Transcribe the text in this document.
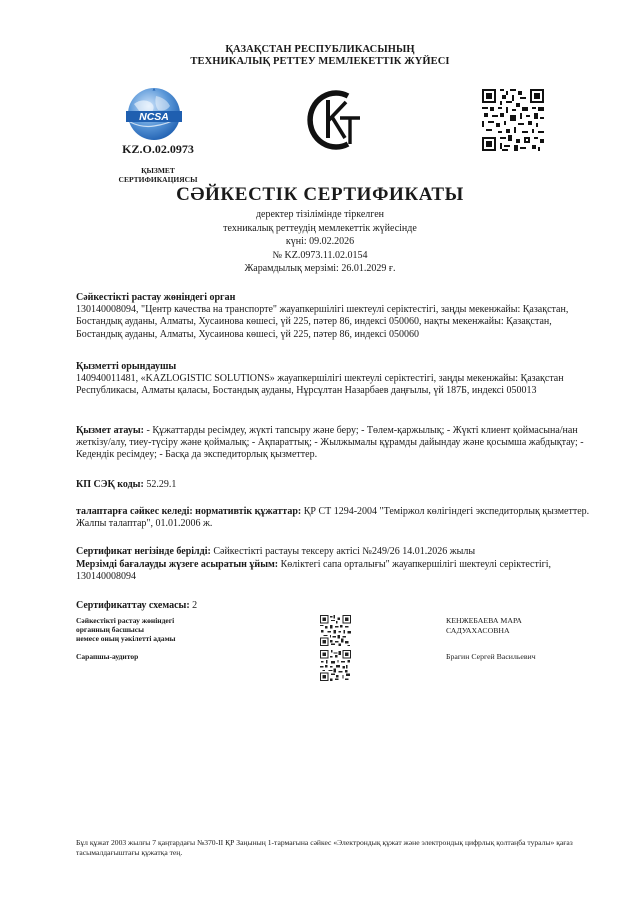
ҚАЗАҚСТАН РЕСПУБЛИКАСЫНЫҢ
ТЕХНИКАЛЫҚ РЕТТЕУ МЕМЛЕКЕТТІК ЖҮЙЕСІ
NCSA
KZ.O.02.0973
ҚЫЗМЕТ
СЕРТИФИКАЦИЯСЫ
СӘЙКЕСТІК СЕРТИФИКАТЫ
деректер тізілімінде тіркелген
техникалық реттеудің мемлекеттік жүйесінде
күні: 09.02.2026
№ KZ.0973.11.02.0154
Жарамдылық мерзімі: 26.01.2029 ғ.
Сәйкестікті растау жөніндегі орган
130140008094, "Центр качества на транспорте" жауапкершілігі шектеулі серіктестігі, заңды мекенжайы: Қазақстан, Бостандық ауданы, Алматы, Хусаинова көшесі, үй 225, пәтер 86, индексі 050060, нақты мекенжайы: Қазақстан, Бостандық ауданы, Алматы, Хусаинова көшесі, үй 225, пәтер 86, индексі 050060
Қызметті орындаушы
140940011481, «KAZLOGISTIC SOLUTIONS» жауапкершілігі шектеулі серіктестігі, заңды мекенжайы: Қазақстан Республикасы, Алматы қаласы, Бостандық ауданы, Нұрсұлтан Назарбаев даңғылы, үй 187Б, индексі 050013
Қызмет атауы: - Құжаттарды ресімдеу, жүкті тапсыру және беру; - Төлем-қаржылық; - Жүкті клиент қоймасына/нан жеткізу/алу, тиеу-түсіру және қоймалық; - Ақпараттық; - Жылжымалы құрамды дайындау және қосымша жабдықтау; - Кедендік ресімдеу; - Басқа да экспедиторлық қызметтер.
КП СЭҚ коды: 52.29.1
талаптарға сәйкес келеді: нормативтік құжаттар: ҚР СТ 1294-2004 "Теміржол көлігіндегі экспедиторлық қызметтер. Жалпы талаптар", 01.01.2006 ж.
Сертификат негізінде берілді: Сәйкестікті растауы тексеру актісі №249/26 14.01.2026 жылы
Мерзімді бағалауды жүзеге асыратын ұйым: Көліктегі сапа орталығы" жауапкершілігі шектеулі серіктестігі, 130140008094
Сертификаттау схемасы: 2
Сәйкестікті растау жөніндегі
органның басшысы
немесе оның уәкілетті адамы
КЕНЖЕБАЕВА МАРА
САДУАХАСОВНА
Сарапшы-аудитор	Брагин Сергей Васильевич
Бұл құжат 2003 жылғы 7 қаңтардағы №370-II ҚР Заңының 1-тармағына сәйкес «Электрондық құжат және электрондық цифрлық қолтаңба туралы» қағаз тасымалдағыштағы құжатқа тең.
